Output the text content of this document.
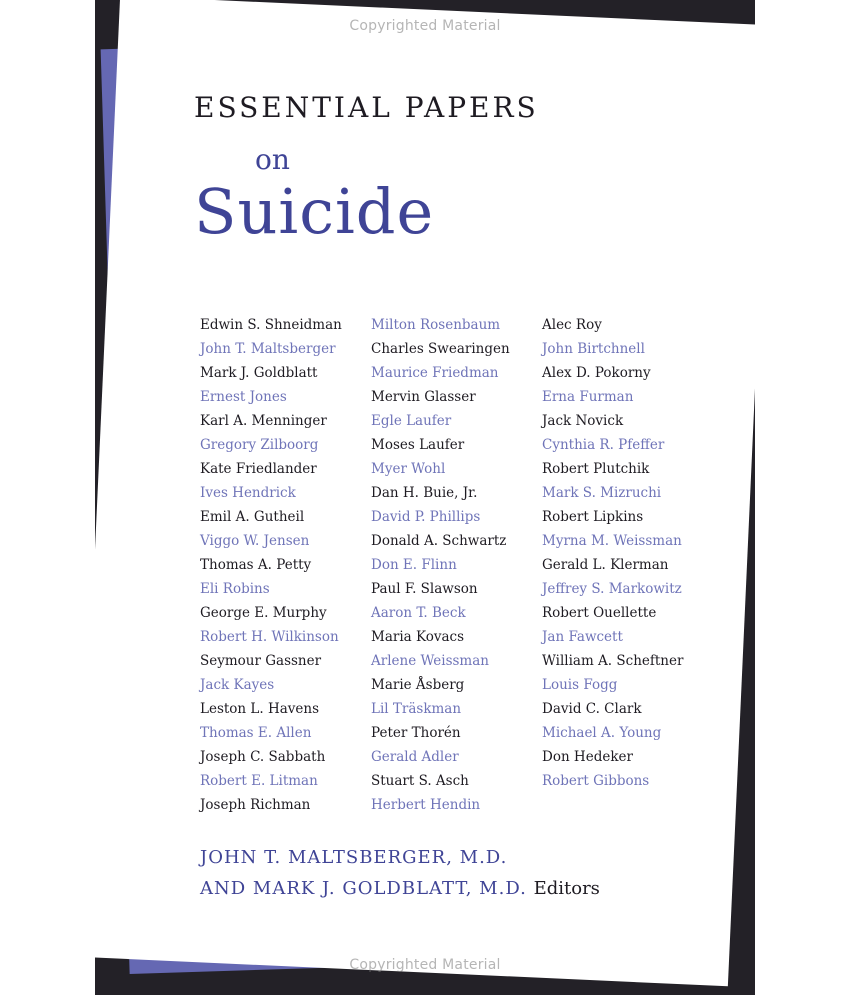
Copyrighted Material
ESSENTIAL PAPERS
on
Suicide
Edwin S. Shneidman
John T. Maltsberger
Mark J. Goldblatt
Ernest Jones
Karl A. Menninger
Gregory Zilboorg
Kate Friedlander
Ives Hendrick
Emil A. Gutheil
Viggo W. Jensen
Thomas A. Petty
Eli Robins
George E. Murphy
Robert H. Wilkinson
Seymour Gassner
Jack Kayes
Leston L. Havens
Thomas E. Allen
Joseph C. Sabbath
Robert E. Litman
Joseph Richman
Milton Rosenbaum
Charles Swearingen
Maurice Friedman
Mervin Glasser
Egle Laufer
Moses Laufer
Myer Wohl
Dan H. Buie, Jr.
David P. Phillips
Donald A. Schwartz
Don E. Flinn
Paul F. Slawson
Aaron T. Beck
Maria Kovacs
Arlene Weissman
Marie Åsberg
Lil Träskman
Peter Thorén
Gerald Adler
Stuart S. Asch
Herbert Hendin
Alec Roy
John Birtchnell
Alex D. Pokorny
Erna Furman
Jack Novick
Cynthia R. Pfeffer
Robert Plutchik
Mark S. Mizruchi
Robert Lipkins
Myrna M. Weissman
Gerald L. Klerman
Jeffrey S. Markowitz
Robert Ouellette
Jan Fawcett
William A. Scheftner
Louis Fogg
David C. Clark
Michael A. Young
Don Hedeker
Robert Gibbons
JOHN T. MALTSBERGER, M.D.
AND MARK J. GOLDBLATT, M.D. Editors
Copyrighted Material
